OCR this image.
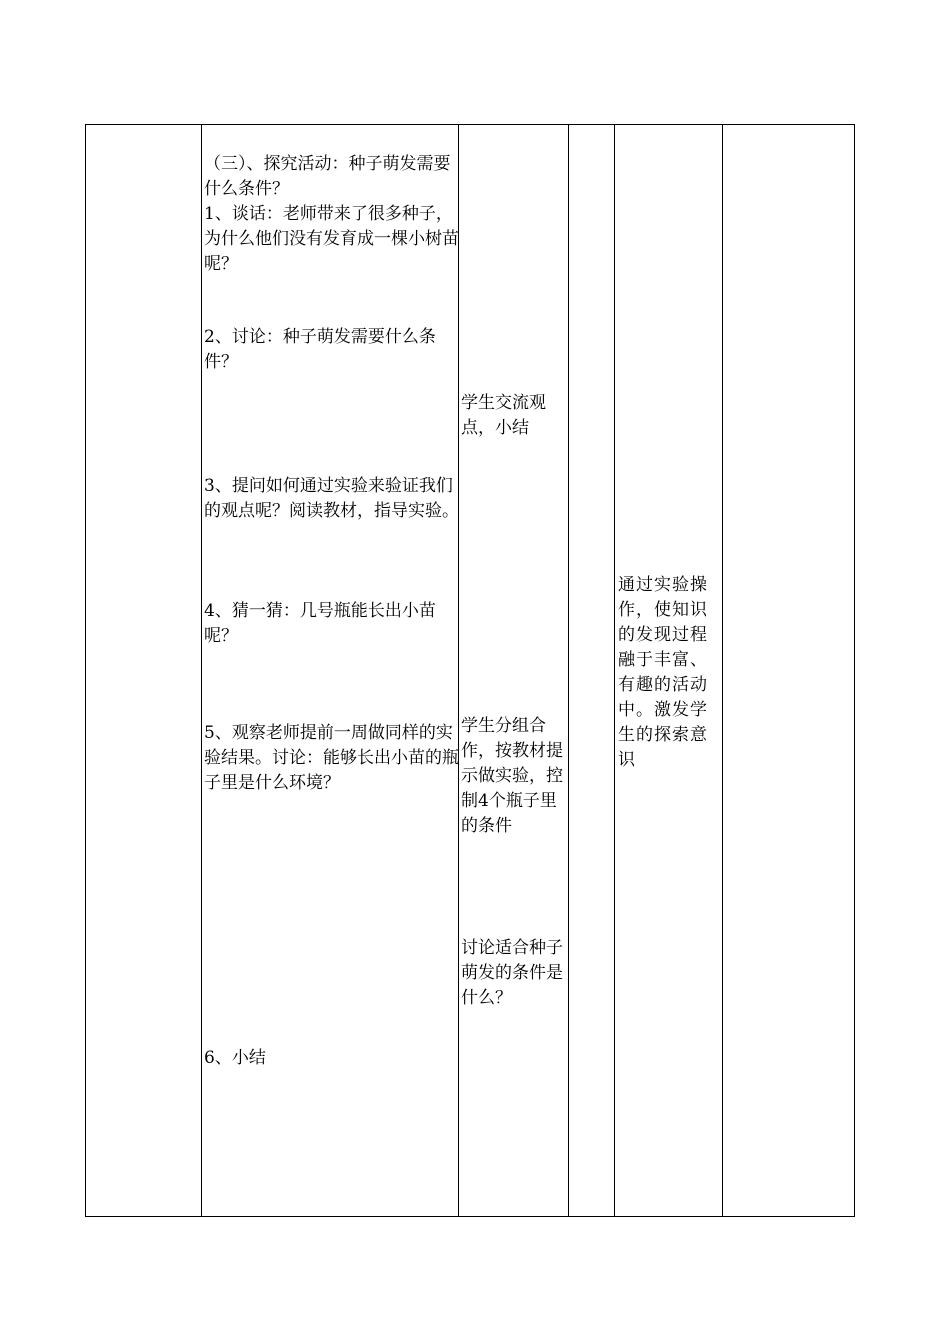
（三）、探究活动：种子萌发需要什么条件？

1、谈话：老师带来了很多种子，为什么他们没有发育成一棵小树苗呢？

2、讨论：种子萌发需要什么条件？

3、提问如何通过实验来验证我们的观点呢？阅读教材，指导实验。

4、猜一猜：几号瓶能长出小苗呢？

5、观察老师提前一周做同样的实验结果。讨论：能够长出小苗的瓶子里是什么环境？

6、小结

学生交流观点，小结

学生分组合作，按教材提示做实验，控制4个瓶子里的条件

讨论适合种子萌发的条件是什么？

通过实验操作，使知识的发现过程融于丰富、有趣的活动中。激发学生的探索意识
